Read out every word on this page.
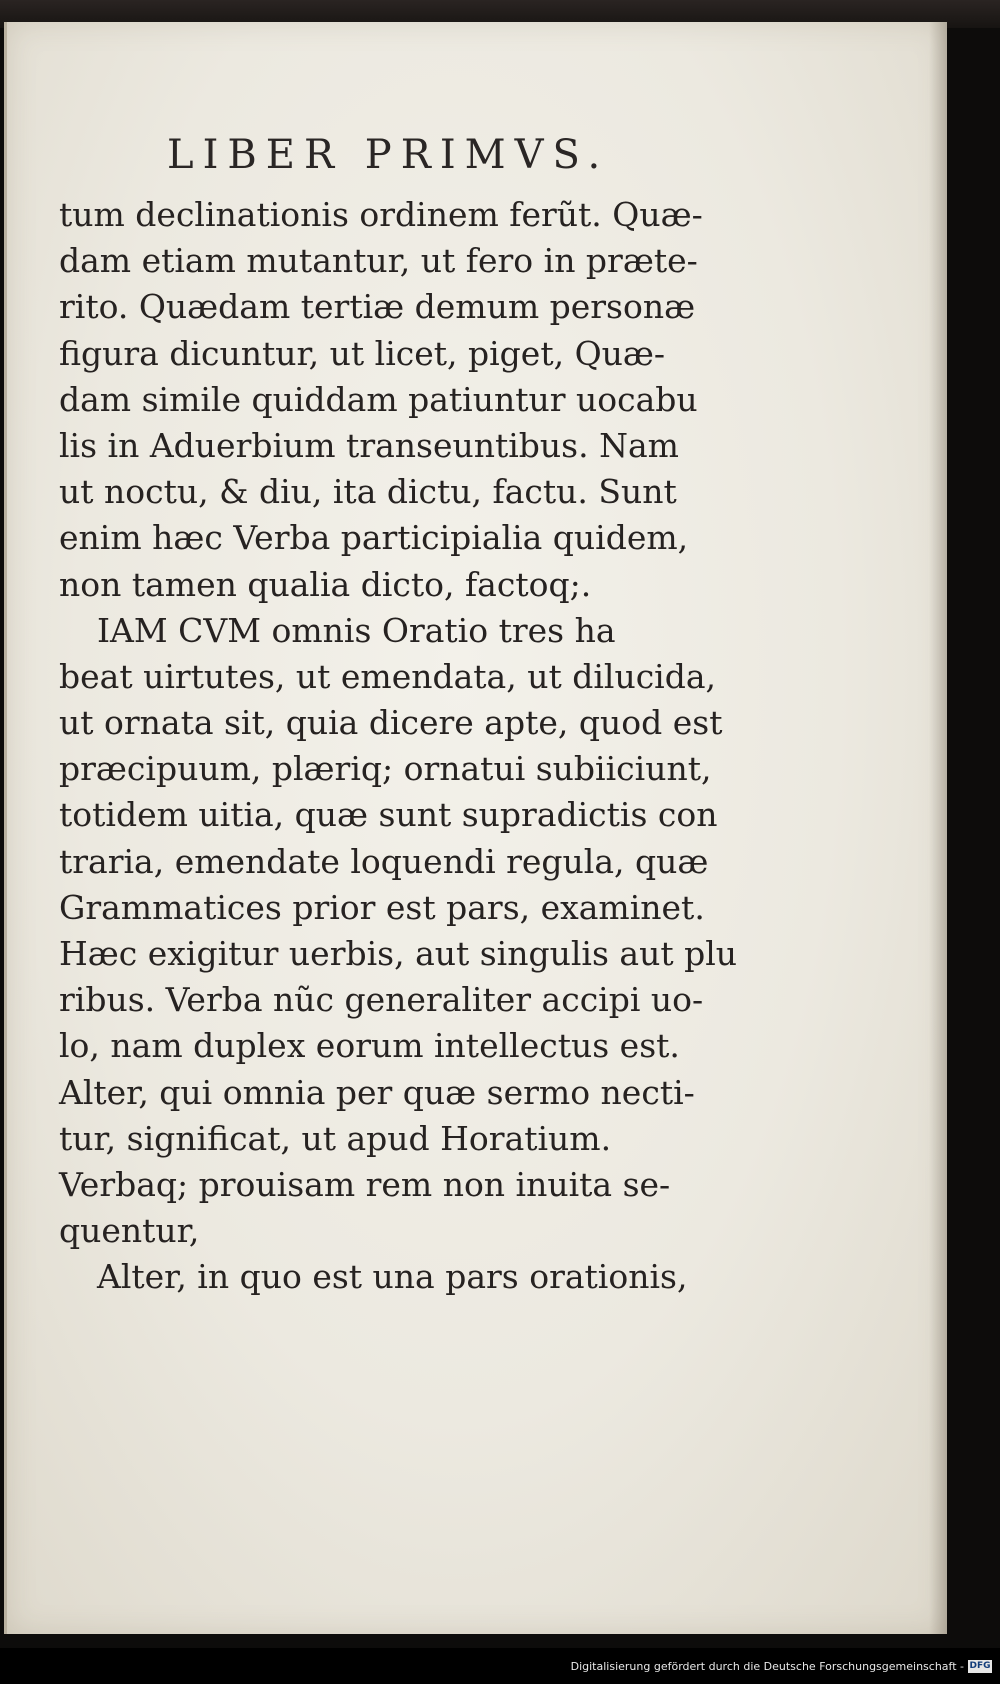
LIBER PRIMVS.
tum declinationis ordinem ferũt. Quæ-
dam etiam mutantur, ut fero in præte-
rito. Quædam tertiæ demum personæ
figura dicuntur, ut licet, piget, Quæ-
dam simile quiddam patiuntur uocabu
lis in Aduerbium transeuntibus. Nam
ut noctu, & diu, ita dictu, factu. Sunt
enim hæc Verba participialia quidem,
non tamen qualia dicto, factoq;.
IAM CVM omnis Oratio tres ha
beat uirtutes, ut emendata, ut dilucida,
ut ornata sit, quia dicere apte, quod est
præcipuum, plæriq; ornatui subiiciunt,
totidem uitia, quæ sunt supradictis con
traria, emendate loquendi regula, quæ
Grammatices prior est pars, examinet.
Hæc exigitur uerbis, aut singulis aut plu
ribus. Verba nũc generaliter accipi uo-
lo, nam duplex eorum intellectus est.
Alter, qui omnia per quæ sermo necti-
tur, significat, ut apud Horatium.
Verbaq; prouisam rem non inuita se-
quentur,
Alter, in quo est una pars orationis,
Digitalisierung gefördert durch die Deutsche Forschungsgemeinschaft - DFG
